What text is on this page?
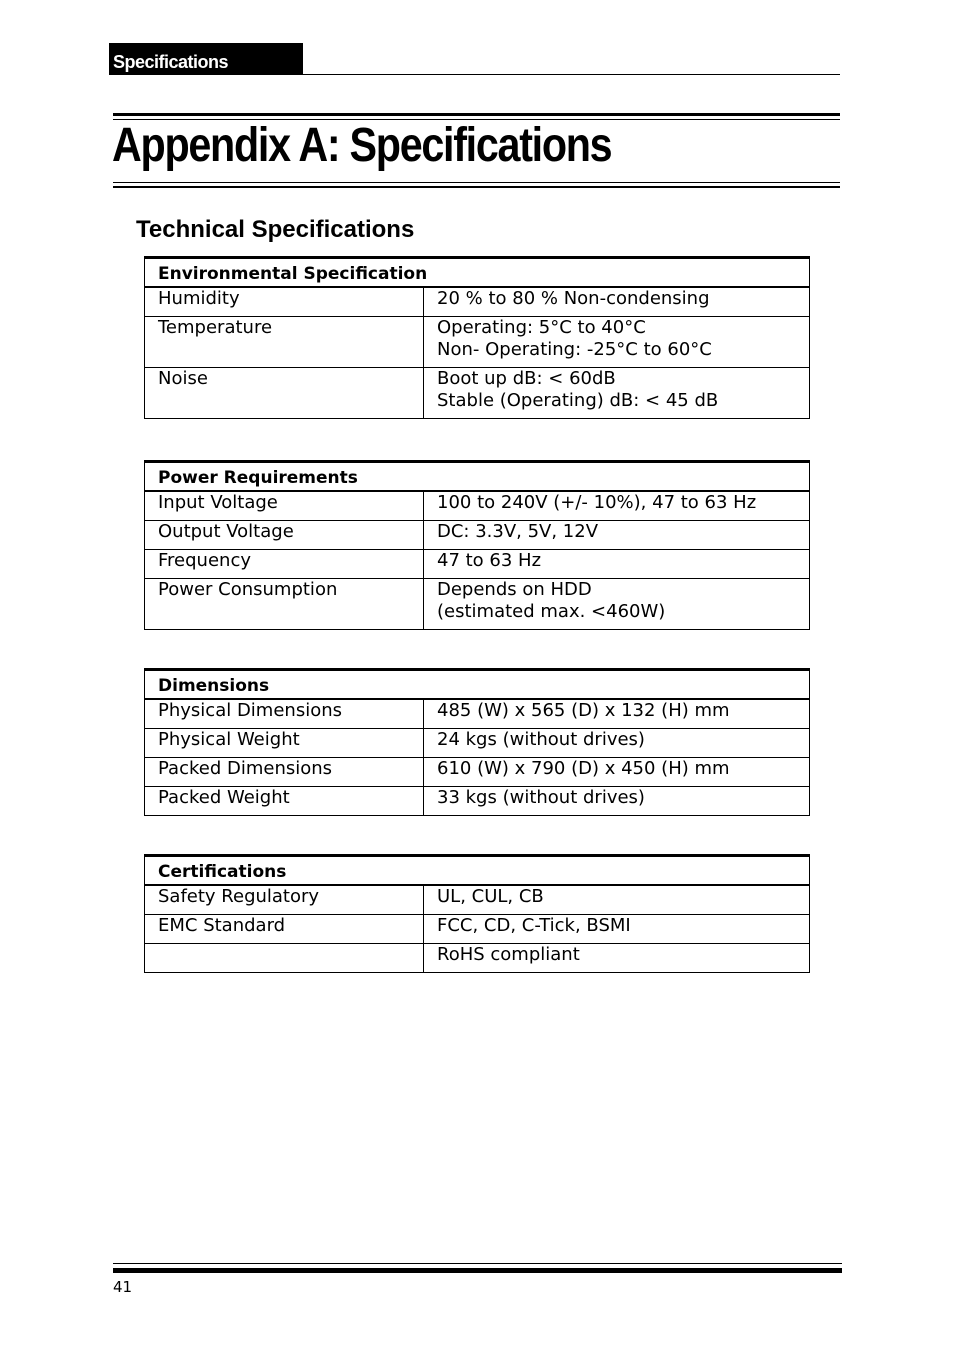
Specifications
Appendix A: Specifications
Technical Specifications
Environmental Specification	
Humidity	20 % to 80 % Non-condensing

Temperature	Operating: 5°C to 40°C
Non- Operating: -25°C to 60°C

Noise	Boot up dB: < 60dB
Stable (Operating) dB: < 45 dB
Power Requirements	
Input Voltage	100 to 240V (+/- 10%), 47 to 63 Hz

Output Voltage	DC: 3.3V, 5V, 12V

Frequency	47 to 63 Hz

Power Consumption	Depends on HDD
(estimated max. <460W)
Dimensions	
Physical Dimensions	485 (W) x 565 (D) x 132 (H) mm

Physical Weight	24 kgs (without drives)

Packed Dimensions	610 (W) x 790 (D) x 450 (H) mm

Packed Weight	33 kgs (without drives)
Certifications	
Safety Regulatory	UL, CUL, CB

EMC Standard	FCC, CD, C-Tick, BSMI

	RoHS compliant
41
